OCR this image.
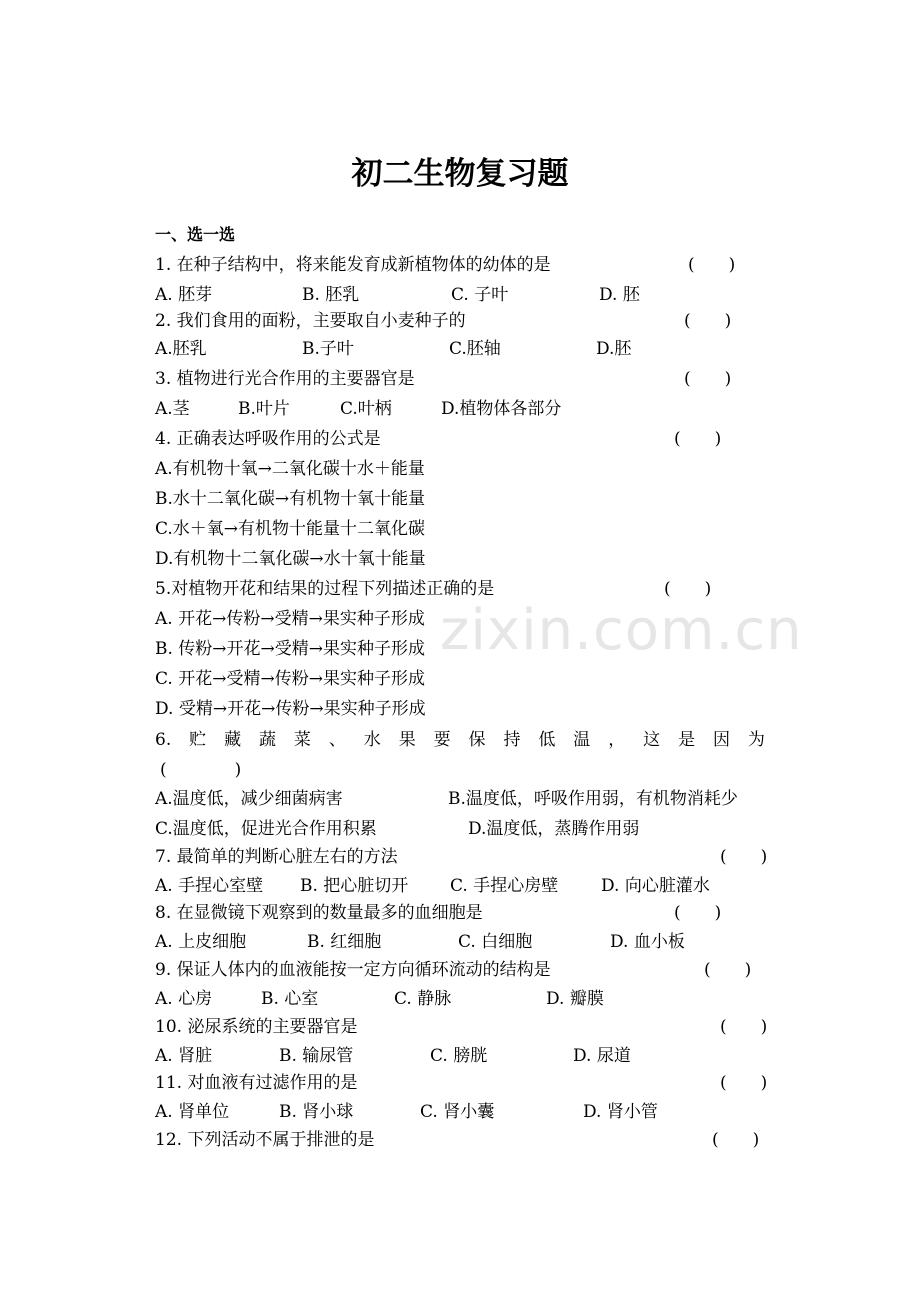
zixin.com.cn
初二生物复习题
一、选一选
1. 在种子结构中，将来能发育成新植物体的幼体的是	(　　)
A. 胚芽	B. 胚乳	C. 子叶	D. 胚
2. 我们食用的面粉，主要取自小麦种子的	(　　)
A.胚乳	B.子叶	C.胚轴	D.胚
3. 植物进行光合作用的主要器官是	(　　)
A.茎	B.叶片	C.叶柄	D.植物体各部分
4. 正确表达呼吸作用的公式是	(　　)
A.有机物十氧→二氧化碳十水＋能量
B.水十二氧化碳→有机物十氧十能量
C.水＋氧→有机物十能量十二氧化碳
D.有机物十二氧化碳→水十氧十能量
5.对植物开花和结果的过程下列描述正确的是	(　　)
A. 开花→传粉→受精→果实种子形成
B. 传粉→开花→受精→果实种子形成
C. 开花→受精→传粉→果实种子形成
D. 受精→开花→传粉→果实种子形成
6. 贮 藏 蔬 菜 、 水 果 要 保 持 低 温 ， 这 是 因 为
(　　　　)
A.温度低，减少细菌病害	B.温度低，呼吸作用弱，有机物消耗少
C.温度低，促进光合作用积累	D.温度低，蒸腾作用弱
7. 最简单的判断心脏左右的方法	(　　)
A. 手捏心室壁 B. 把心脏切开 C. 手捏心房壁	D. 向心脏灌水
8. 在显微镜下观察到的数量最多的血细胞是	(　　)
A. 上皮细胞	B. 红细胞	C. 白细胞	D. 血小板
9. 保证人体内的血液能按一定方向循环流动的结构是	(　　)
A. 心房	B. 心室	C. 静脉	D. 瓣膜
10. 泌尿系统的主要器官是	(　　)
A. 肾脏	B. 输尿管	C. 膀胱	D. 尿道
11. 对血液有过滤作用的是	(　　)
A. 肾单位	B. 肾小球	C. 肾小囊	D. 肾小管
12. 下列活动不属于排泄的是	(　　)
